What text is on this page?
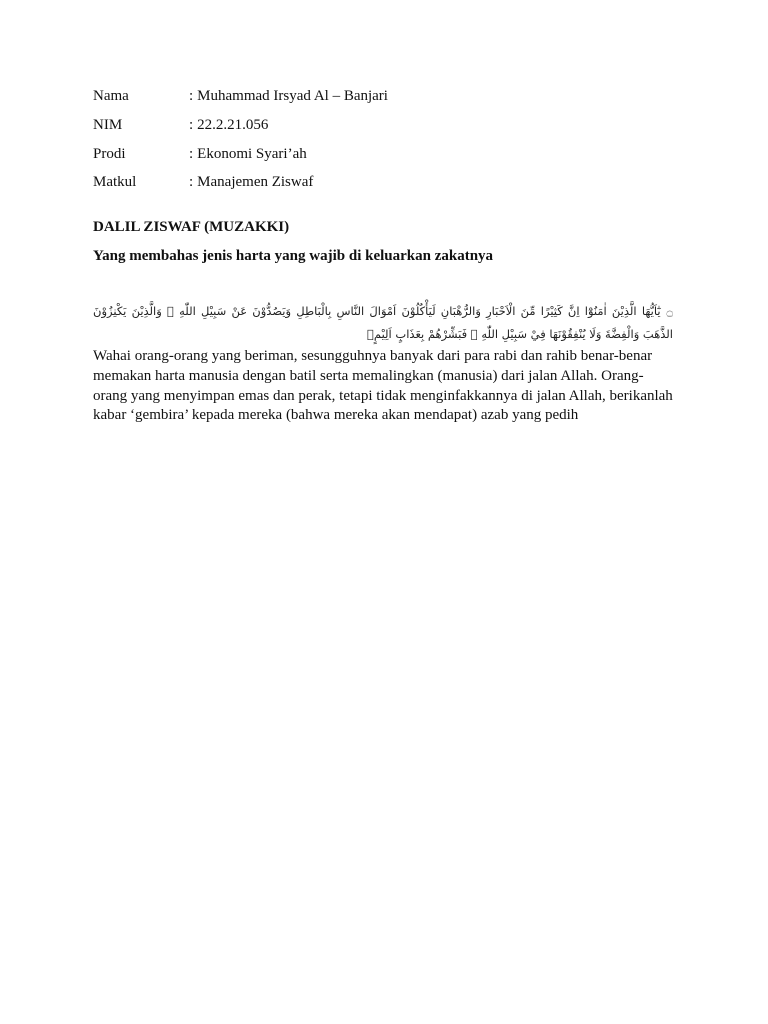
Nama	: Muhammad Irsyad Al – Banjari
NIM	: 22.2.21.056
Prodi	: Ekonomi Syari’ah
Matkul	: Manajemen Ziswaf

DALIL ZISWAF (MUZAKKI)

Yang membahas jenis harta yang wajib di keluarkan zakatnya

۝يٰٓاَيُّهَا الَّذِيْنَ اٰمَنُوْٓا اِنَّ كَثِيْرًا مِّنَ الْاَحْبَارِ وَالرُّهْبَانِ لَيَأْكُلُوْنَ اَمْوَالَ النَّاسِ بِالْبَاطِلِ وَيَصُدُّوْنَ عَنْ سَبِيْلِ اللّٰهِ ۗ وَالَّذِيْنَ يَكْنِزُوْنَ الذَّهَبَ وَالْفِضَّةَ وَلَا يُنْفِقُوْنَهَا فِيْ سَبِيْلِ اللّٰهِ ۙ فَبَشِّرْهُمْ بِعَذَابٍ اَلِيْمٍۙ
Wahai orang-orang yang beriman, sesungguhnya banyak dari para rabi dan rahib benar-benar memakan harta manusia dengan batil serta memalingkan (manusia) dari jalan Allah. Orang-orang yang menyimpan emas dan perak, tetapi tidak menginfakkannya di jalan Allah, berikanlah kabar ‘gembira’ kepada mereka (bahwa mereka akan mendapat) azab yang pedih
